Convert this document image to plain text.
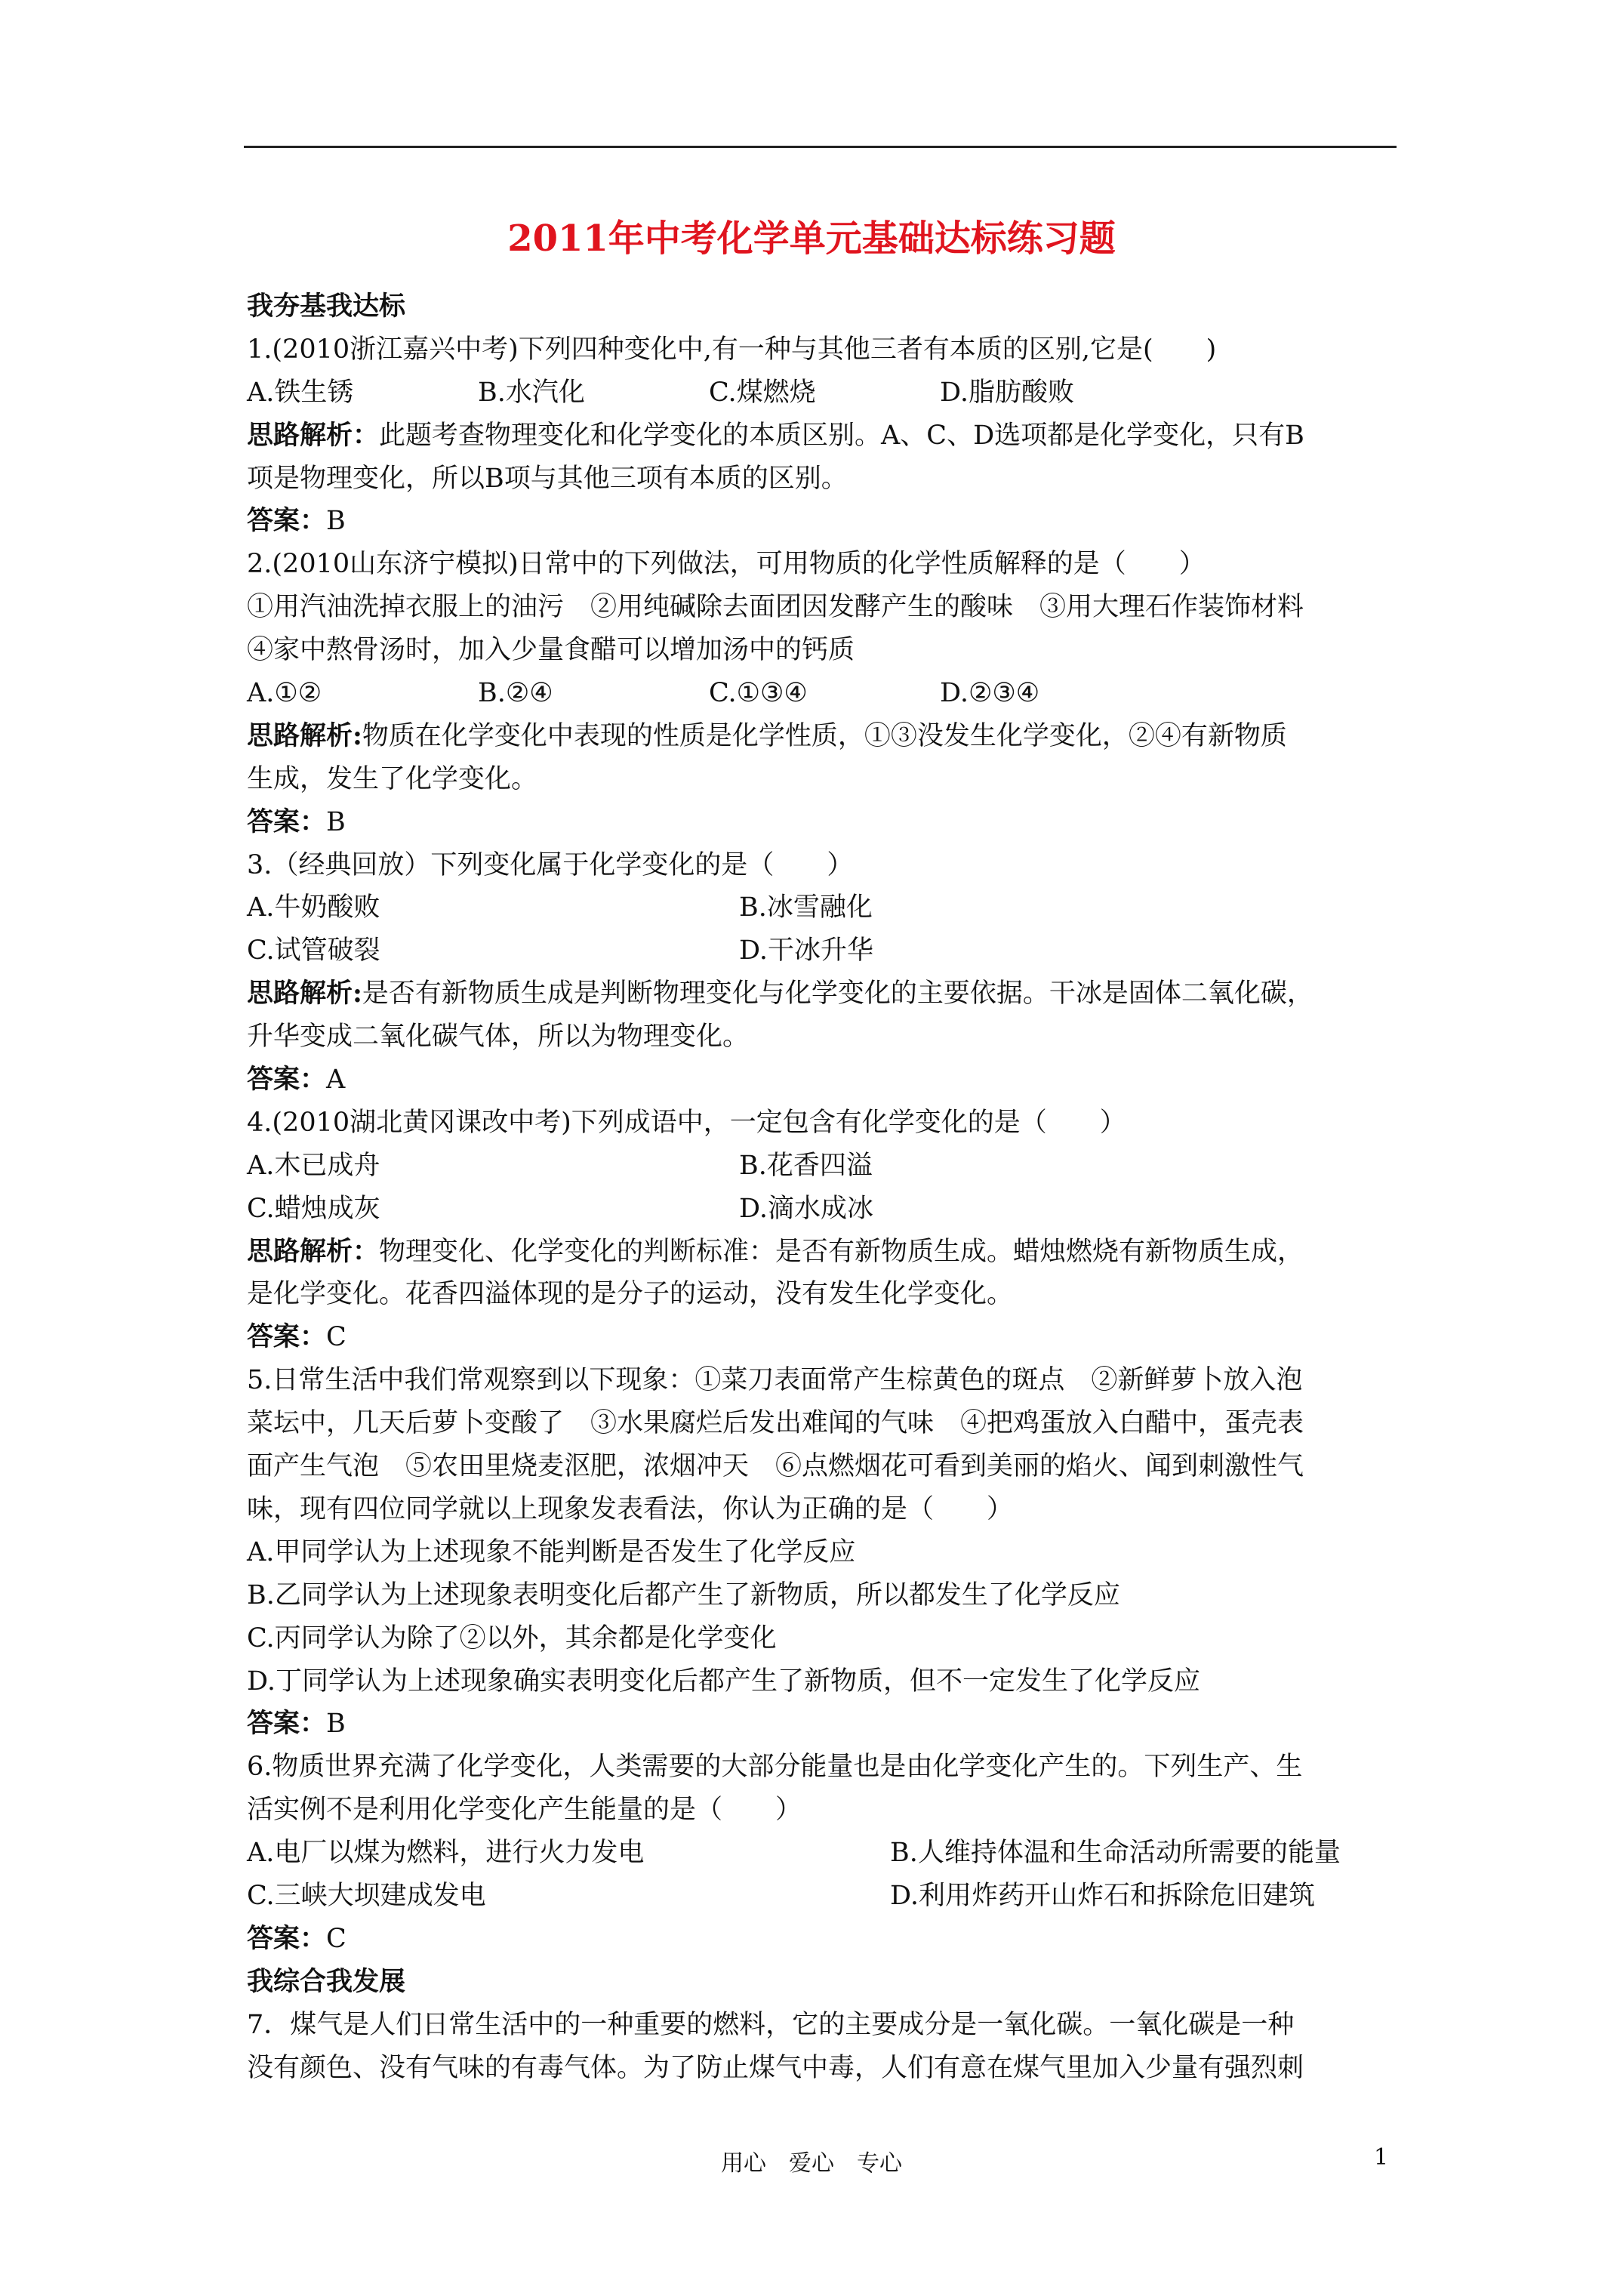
2011年中考化学单元基础达标练习题
我夯基我达标
1.(2010浙江嘉兴中考)下列四种变化中,有一种与其他三者有本质的区别,它是(　　)
A.铁生锈	B.水汽化	C.煤燃烧	D.脂肪酸败
思路解析：此题考查物理变化和化学变化的本质区别。A、C、D选项都是化学变化，只有B
项是物理变化，所以B项与其他三项有本质的区别。
答案：B
2.(2010山东济宁模拟)日常中的下列做法，可用物质的化学性质解释的是（　　）
①用汽油洗掉衣服上的油污　②用纯碱除去面团因发酵产生的酸味　③用大理石作装饰材料
④家中熬骨汤时，加入少量食醋可以增加汤中的钙质
A.①②	B.②④	C.①③④	D.②③④
思路解析:物质在化学变化中表现的性质是化学性质，①③没发生化学变化，②④有新物质
生成，发生了化学变化。
答案：B
3.（经典回放）下列变化属于化学变化的是（　　）
A.牛奶酸败	B.冰雪融化
C.试管破裂	D.干冰升华
思路解析:是否有新物质生成是判断物理变化与化学变化的主要依据。干冰是固体二氧化碳，
升华变成二氧化碳气体，所以为物理变化。
答案：A
4.(2010湖北黄冈课改中考)下列成语中，一定包含有化学变化的是（　　）
A.木已成舟	B.花香四溢
C.蜡烛成灰	D.滴水成冰
思路解析：物理变化、化学变化的判断标准：是否有新物质生成。蜡烛燃烧有新物质生成，
是化学变化。花香四溢体现的是分子的运动，没有发生化学变化。
答案：C
5.日常生活中我们常观察到以下现象：①菜刀表面常产生棕黄色的斑点　②新鲜萝卜放入泡
菜坛中，几天后萝卜变酸了　③水果腐烂后发出难闻的气味　④把鸡蛋放入白醋中，蛋壳表
面产生气泡　⑤农田里烧麦沤肥，浓烟冲天　⑥点燃烟花可看到美丽的焰火、闻到刺激性气
味，现有四位同学就以上现象发表看法，你认为正确的是（　　）
A.甲同学认为上述现象不能判断是否发生了化学反应
B.乙同学认为上述现象表明变化后都产生了新物质，所以都发生了化学反应
C.丙同学认为除了②以外，其余都是化学变化
D.丁同学认为上述现象确实表明变化后都产生了新物质，但不一定发生了化学反应
答案：B
6.物质世界充满了化学变化，人类需要的大部分能量也是由化学变化产生的。下列生产、生
活实例不是利用化学变化产生能量的是（　　）
A.电厂以煤为燃料，进行火力发电	B.人维持体温和生命活动所需要的能量
C.三峡大坝建成发电	D.利用炸药开山炸石和拆除危旧建筑
答案：C
我综合我发展
7．煤气是人们日常生活中的一种重要的燃料，它的主要成分是一氧化碳。一氧化碳是一种
没有颜色、没有气味的有毒气体。为了防止煤气中毒，人们有意在煤气里加入少量有强烈刺
用心　爱心　专心	1
